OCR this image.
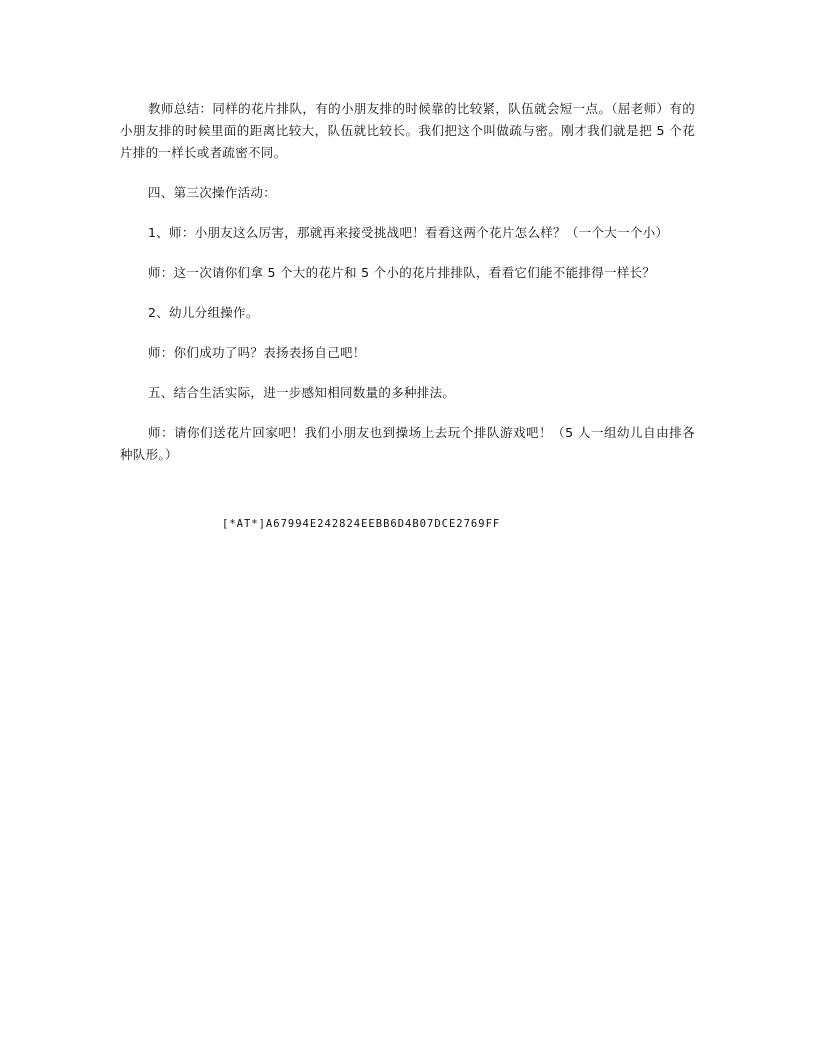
教师总结：同样的花片排队，有的小朋友排的时候靠的比较紧，队伍就会短一点。（屈老师）有的小朋友排的时候里面的距离比较大，队伍就比较长。我们把这个叫做疏与密。刚才我们就是把 5 个花片排的一样长或者疏密不同。

四、第三次操作活动：

1、师：小朋友这么厉害，那就再来接受挑战吧！看看这两个花片怎么样？（一个大一个小）

师：这一次请你们拿 5 个大的花片和 5 个小的花片排排队，看看它们能不能排得一样长？

2、幼儿分组操作。

师：你们成功了吗？表扬表扬自己吧！

五、结合生活实际，进一步感知相同数量的多种排法。

师：请你们送花片回家吧！我们小朋友也到操场上去玩个排队游戏吧！（5 人一组幼儿自由排各种队形。）

[*AT*]A67994E242824EEBB6D4B07DCE2769FF
